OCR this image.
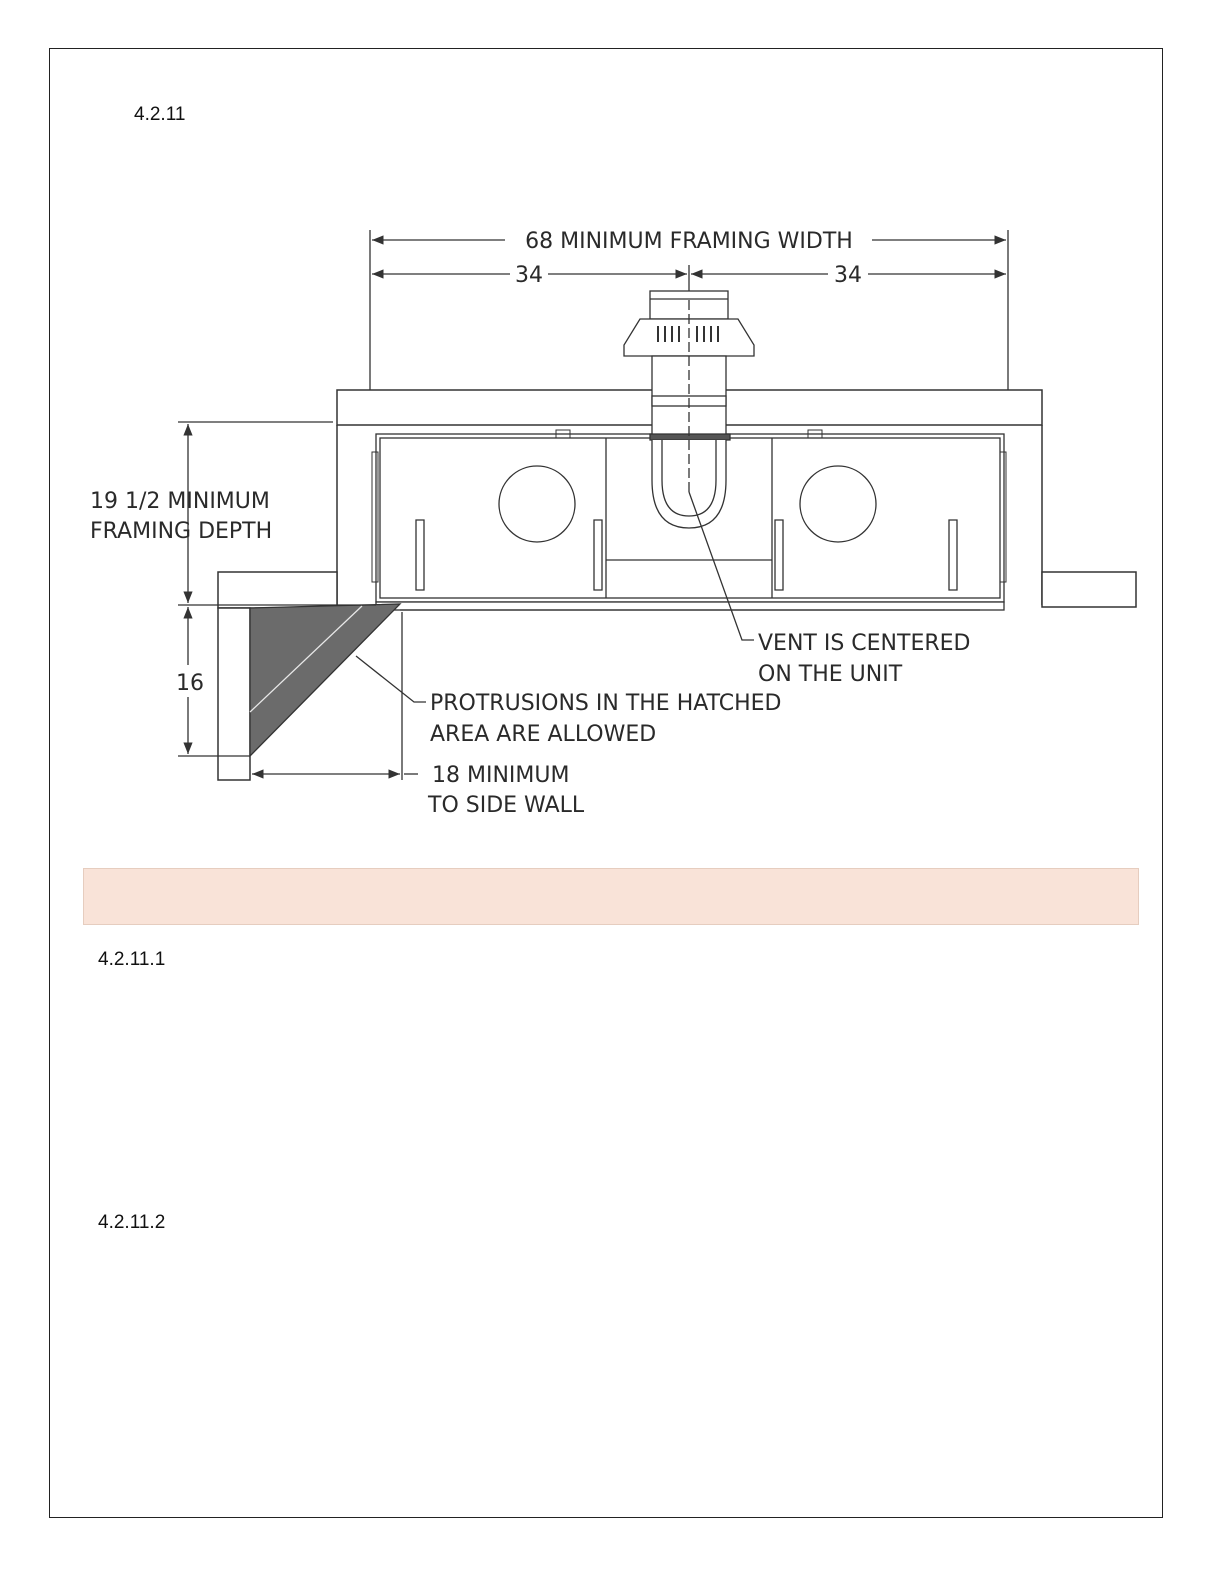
4.2.11
68 MINIMUM FRAMING WIDTH
34	34
19 1/2 MINIMUM
FRAMING DEPTH
16
18 MINIMUM
TO SIDE WALL
VENT IS CENTERED
ON THE UNIT
PROTRUSIONS IN THE HATCHED
AREA ARE ALLOWED
4.2.11.1
4.2.11.2
